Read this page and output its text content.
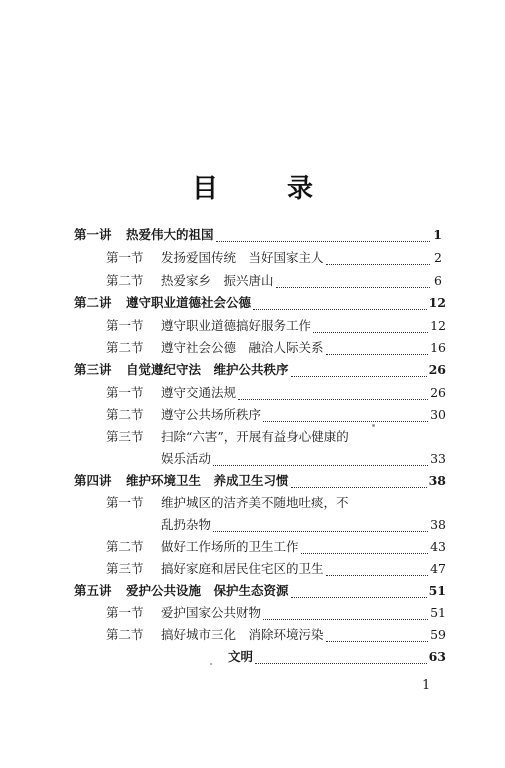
目 录
第一讲	热爱伟大的祖国	1
第一节	发扬爱国传统　当好国家主人	2
第二节	热爱家乡　振兴唐山	6
第二讲	遵守职业道德社会公德	12
第一节	遵守职业道德搞好服务工作	12
第二节	遵守社会公德　融洽人际关系	16
第三讲	自觉遵纪守法　维护公共秩序	26
第一节	遵守交通法规	26
第二节	遵守公共场所秩序	30
第三节	扫除“六害”，开展有益身心健康的
娱乐活动	33
第四讲	维护环境卫生　养成卫生习惯	38
第一节	维护城区的洁齐美不随地吐痰，不
乱扔杂物	38
第二节	做好工作场所的卫生工作	43
第三节	搞好家庭和居民住宅区的卫生	47
第五讲	爱护公共设施　保护生态资源	51
第一节	爱护国家公共财物	51
第二节	搞好城市三化　消除环境污染	59
文明	63
1
